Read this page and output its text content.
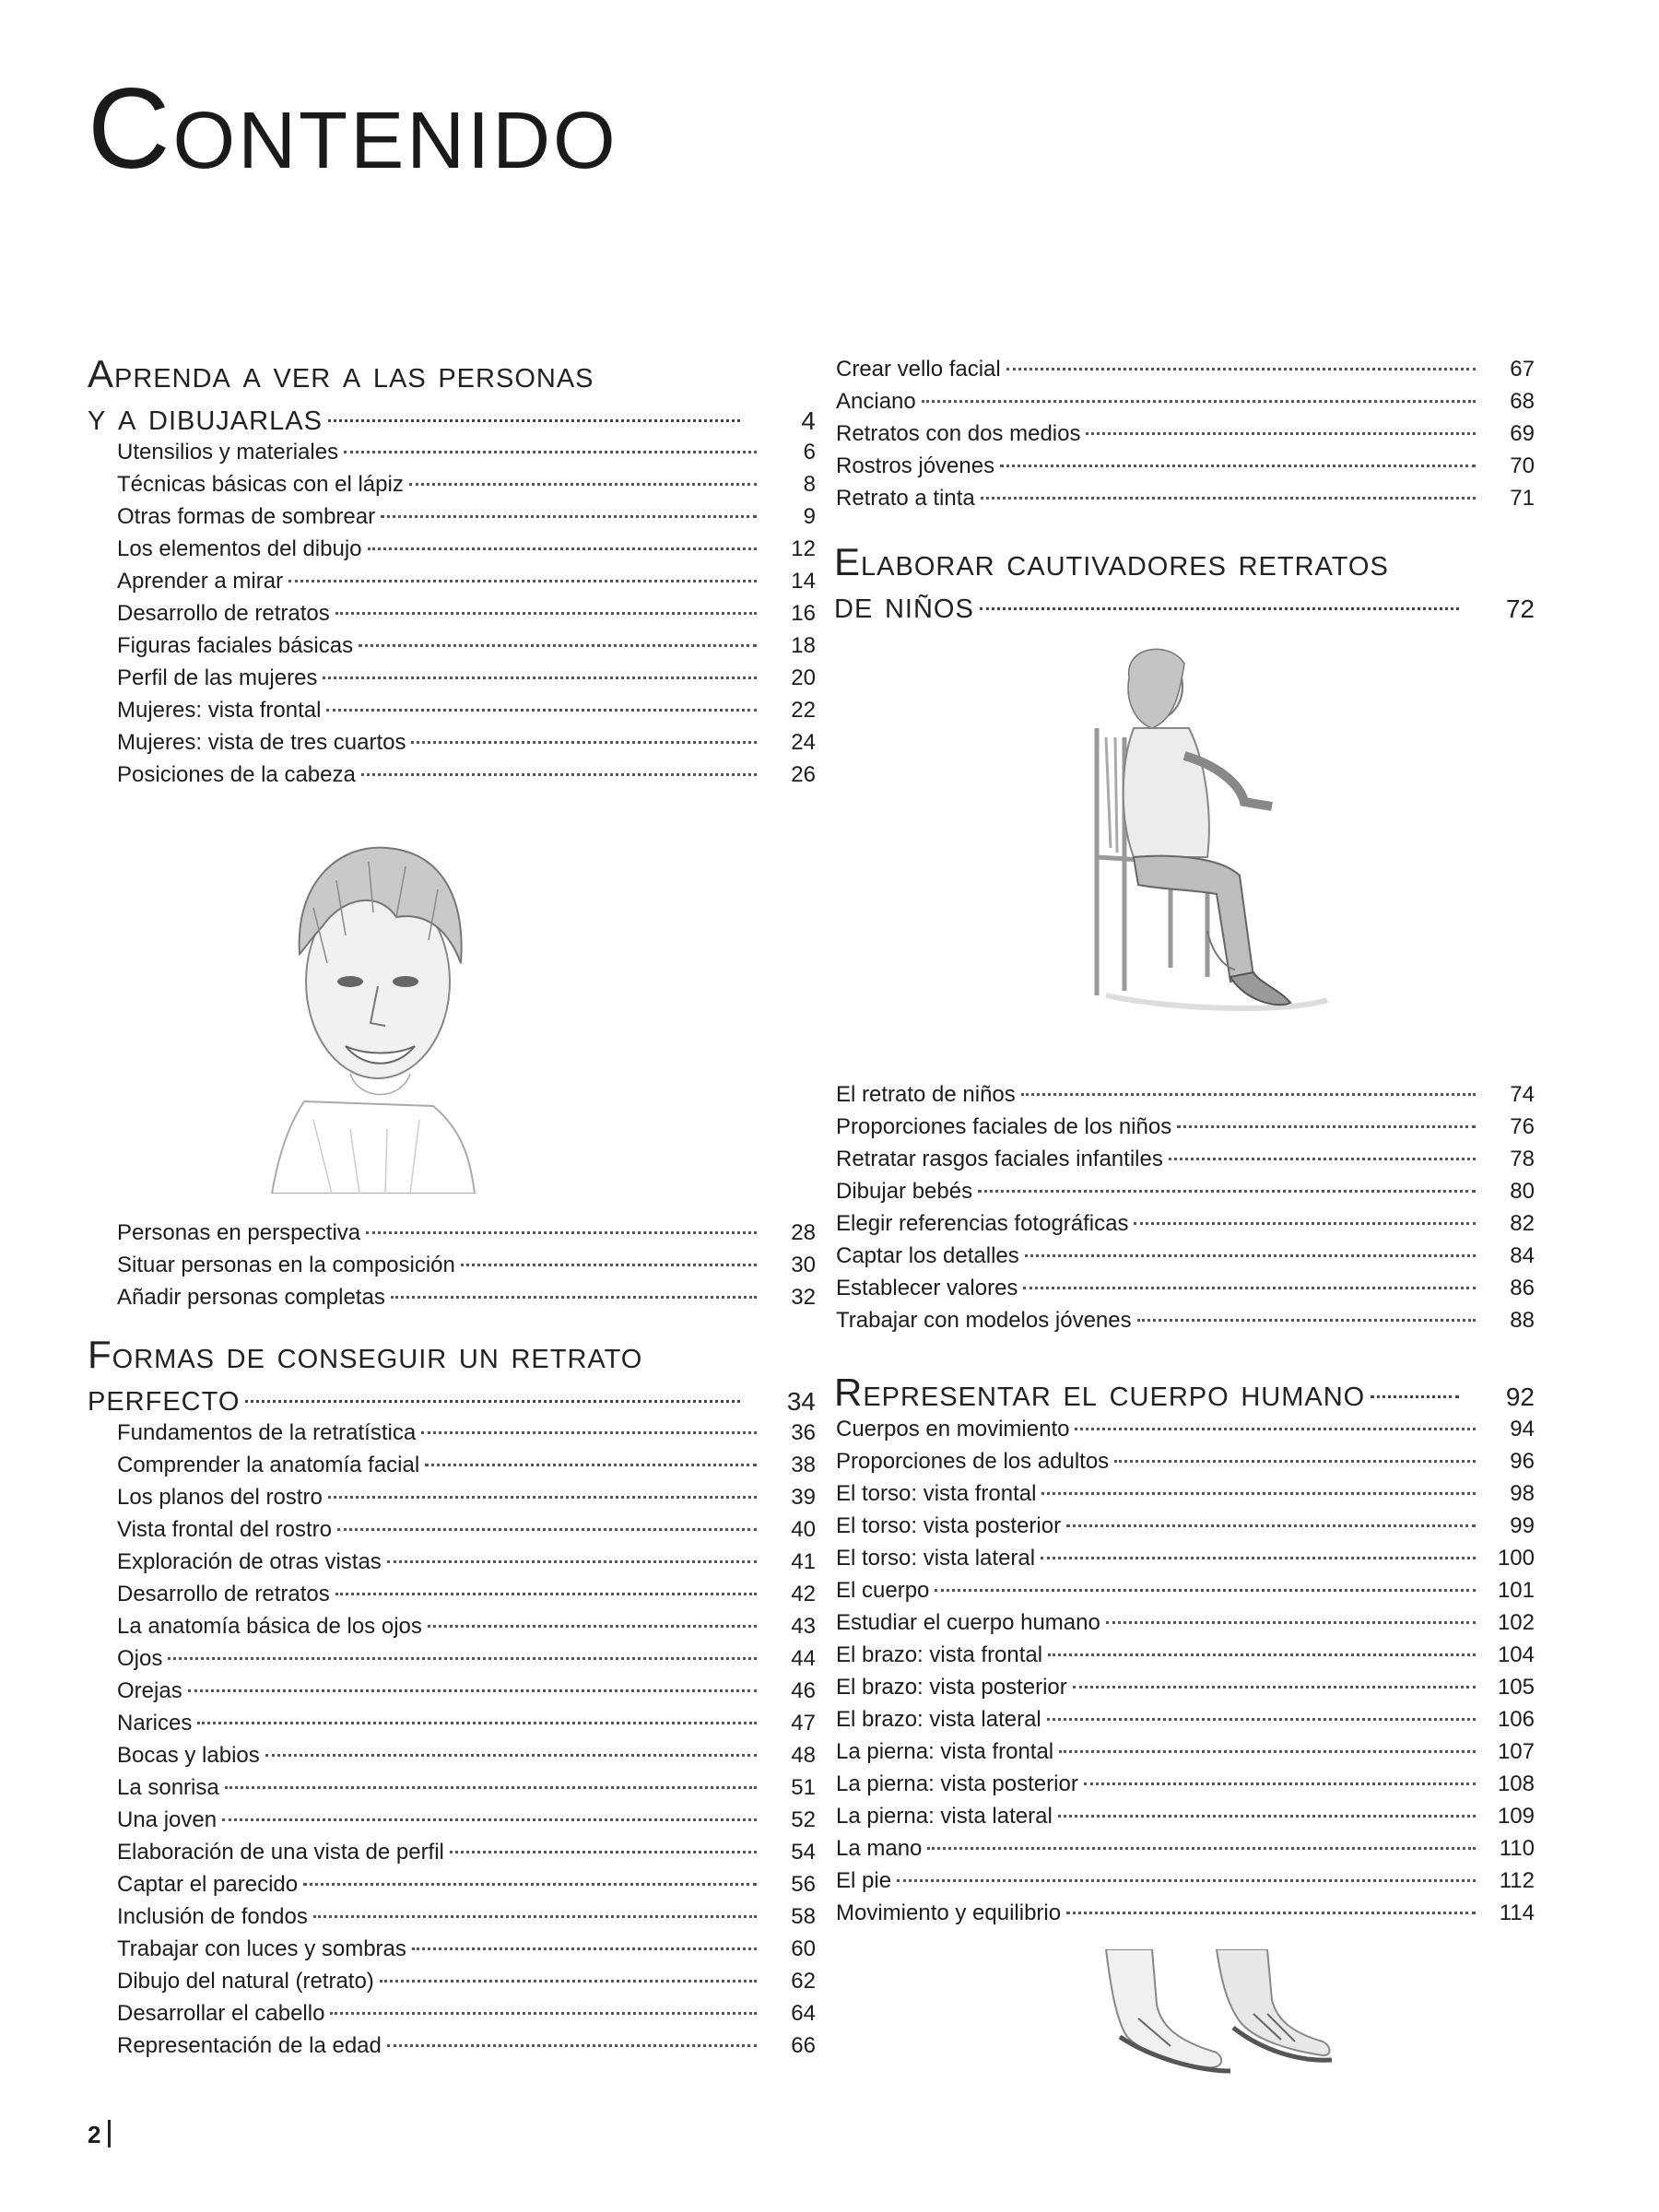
Contenido
Aprenda a ver a las personas
y a dibujarlas	4
Utensilios y materiales	6
Técnicas básicas con el lápiz	8
Otras formas de sombrear	9
Los elementos del dibujo	12
Aprender a mirar	14
Desarrollo de retratos	16
Figuras faciales básicas	18
Perfil de las mujeres	20
Mujeres: vista frontal	22
Mujeres: vista de tres cuartos	24
Posiciones de la cabeza	26
Personas en perspectiva	28
Situar personas en la composición	30
Añadir personas completas	32
Formas de conseguir un retrato
perfecto	34
Fundamentos de la retratística	36
Comprender la anatomía facial	38
Los planos del rostro	39
Vista frontal del rostro	40
Exploración de otras vistas	41
Desarrollo de retratos	42
La anatomía básica de los ojos	43
Ojos	44
Orejas	46
Narices	47
Bocas y labios	48
La sonrisa	51
Una joven	52
Elaboración de una vista de perfil	54
Captar el parecido	56
Inclusión de fondos	58
Trabajar con luces y sombras	60
Dibujo del natural (retrato)	62
Desarrollar el cabello	64
Representación de la edad	66
Crear vello facial	67
Anciano	68
Retratos con dos medios	69
Rostros jóvenes	70
Retrato a tinta	71
Elaborar cautivadores retratos
de niños	72
El retrato de niños	74
Proporciones faciales de los niños	76
Retratar rasgos faciales infantiles	78
Dibujar bebés	80
Elegir referencias fotográficas	82
Captar los detalles	84
Establecer valores	86
Trabajar con modelos jóvenes	88
Representar el cuerpo humano	92
Cuerpos en movimiento	94
Proporciones de los adultos	96
El torso: vista frontal	98
El torso: vista posterior	99
El torso: vista lateral	100
El cuerpo	101
Estudiar el cuerpo humano	102
El brazo: vista frontal	104
El brazo: vista posterior	105
El brazo: vista lateral	106
La pierna: vista frontal	107
La pierna: vista posterior	108
La pierna: vista lateral	109
La mano	110
El pie	112
Movimiento y equilibrio	114
2
